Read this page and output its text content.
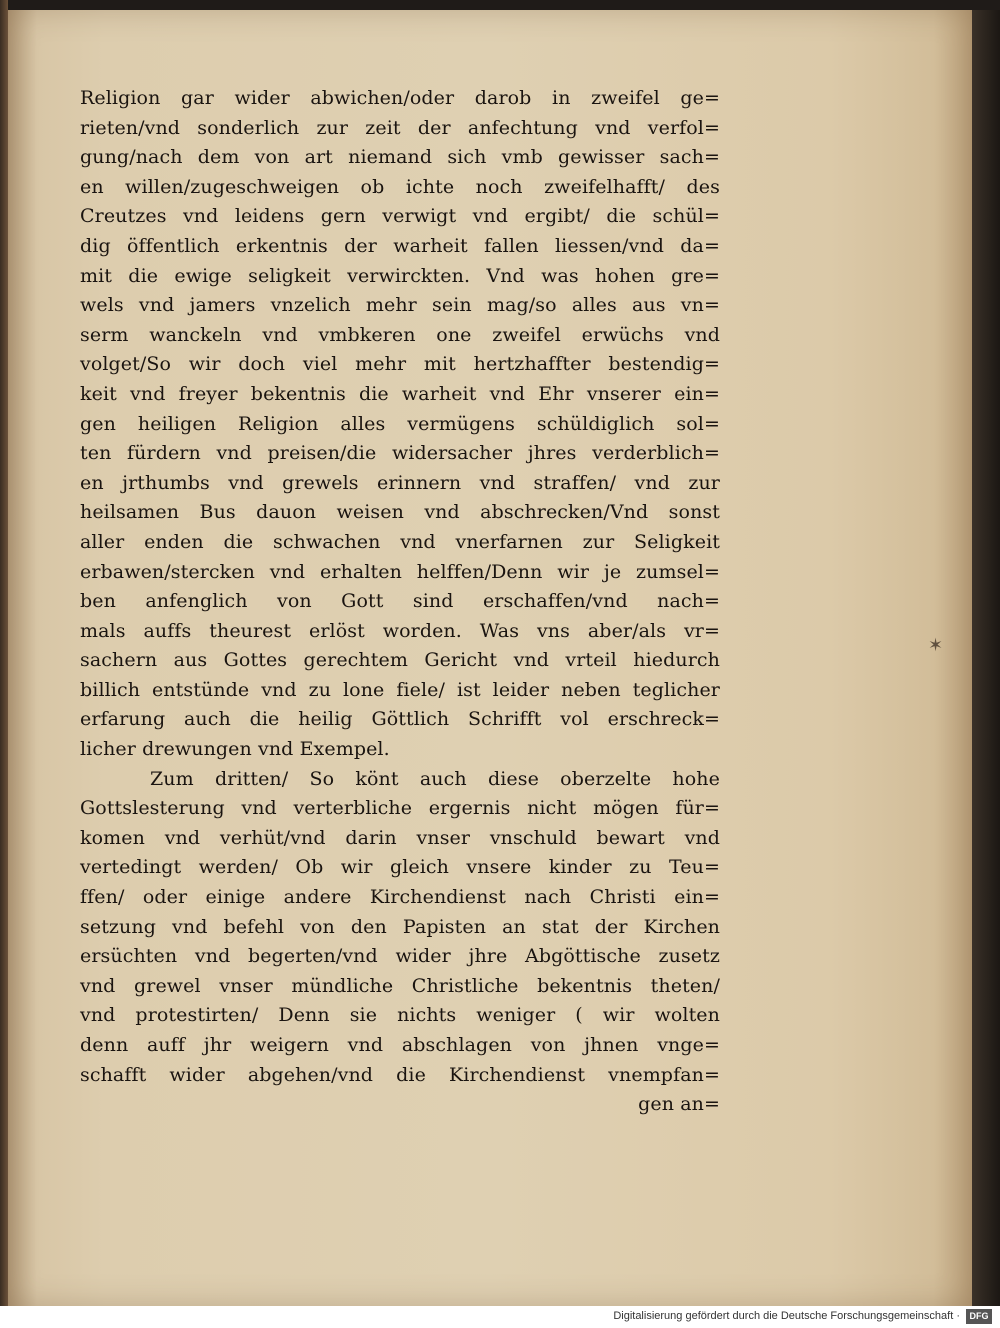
Religion gar wider abwichen/oder darob in zweifel ge=
rieten/vnd sonderlich zur zeit der anfechtung vnd verfol=
gung/nach dem von art niemand sich vmb gewisser sach=
en willen/zugeschweigen ob ichte noch zweifelhafft/ des
Creutzes vnd leidens gern verwigt vnd ergibt/ die schül=
dig öffentlich erkentnis der warheit fallen liessen/vnd da=
mit die ewige seligkeit verwirckten. Vnd was hohen gre=
wels vnd jamers vnzelich mehr sein mag/so alles aus vn=
serm wanckeln vnd vmbkeren one zweifel erwüchs vnd
volget/So wir doch viel mehr mit hertzhaffter bestendig=
keit vnd freyer bekentnis die warheit vnd Ehr vnserer ein=
gen heiligen Religion alles vermügens schüldiglich sol=
ten fürdern vnd preisen/die widersacher jhres verderblich=
en jrthumbs vnd grewels erinnern vnd straffen/ vnd zur
heilsamen Bus dauon weisen vnd abschrecken/Vnd sonst
aller enden die schwachen vnd vnerfarnen zur Seligkeit
erbawen/stercken vnd erhalten helffen/Denn wir je zumsel=
ben anfenglich von Gott sind erschaffen/vnd nach=
mals auffs theurest erlöst worden. Was vns aber/als vr=
sachern aus Gottes gerechtem Gericht vnd vrteil hiedurch
billich entstünde vnd zu lone fiele/ ist leider neben teglicher
erfarung auch die heilig Göttlich Schrifft vol erschreck=
licher drewungen vnd Exempel.
Zum dritten/ So könt auch diese oberzelte hohe
Gottslesterung vnd verterbliche ergernis nicht mögen für=
komen vnd verhüt/vnd darin vnser vnschuld bewart vnd
vertedingt werden/ Ob wir gleich vnsere kinder zu Teu=
ffen/ oder einige andere Kirchendienst nach Christi ein=
setzung vnd befehl von den Papisten an stat der Kirchen
ersüchten vnd begerten/vnd wider jhre Abgöttische zusetz
vnd grewel vnser mündliche Christliche bekentnis theten/
vnd protestirten/ Denn sie nichts weniger ( wir wolten
denn auff jhr weigern vnd abschlagen von jhnen vnge=
schafft wider abgehen/vnd die Kirchendienst vnempfan=
gen an=
✶
Digitalisierung gefördert durch die Deutsche Forschungsgemeinschaft ·	DFG
